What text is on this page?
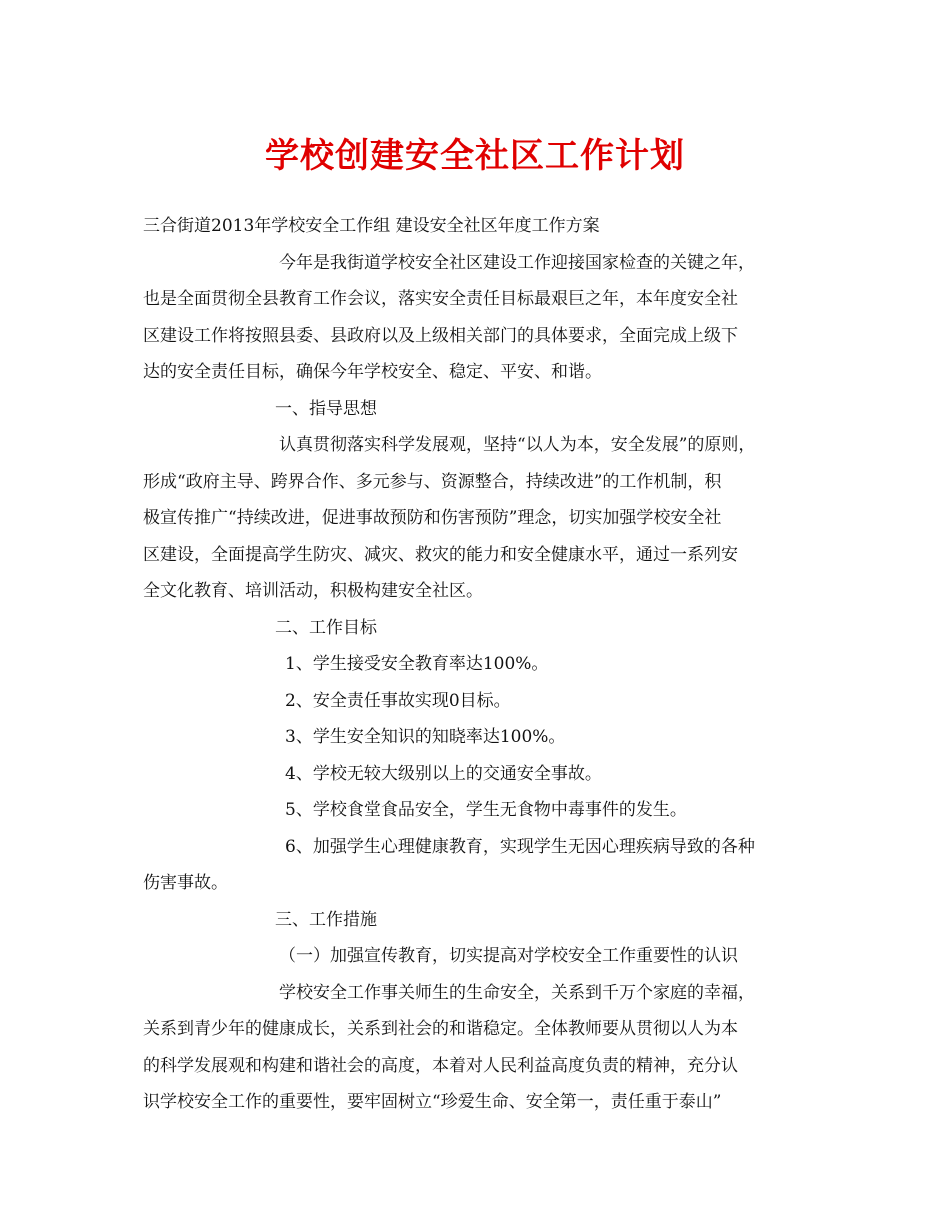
学校创建安全社区工作计划
三合街道2013年学校安全工作组 建设安全社区年度工作方案
今年是我街道学校安全社区建设工作迎接国家检查的关键之年，
也是全面贯彻全县教育工作会议，落实安全责任目标最艰巨之年，本年度安全社
区建设工作将按照县委、县政府以及上级相关部门的具体要求，全面完成上级下
达的安全责任目标，确保今年学校安全、稳定、平安、和谐。
一、指导思想
认真贯彻落实科学发展观，坚持“以人为本，安全发展”的原则，
形成“政府主导、跨界合作、多元参与、资源整合，持续改进”的工作机制，积
极宣传推广“持续改进，促进事故预防和伤害预防”理念，切实加强学校安全社
区建设，全面提高学生防灾、减灾、救灾的能力和安全健康水平，通过一系列安
全文化教育、培训活动，积极构建安全社区。
二、工作目标
1、学生接受安全教育率达100%。
2、安全责任事故实现0目标。
3、学生安全知识的知晓率达100%。
4、学校无较大级别以上的交通安全事故。
5、学校食堂食品安全，学生无食物中毒事件的发生。
6、加强学生心理健康教育，实现学生无因心理疾病导致的各种
伤害事故。
三、工作措施
（一）加强宣传教育，切实提高对学校安全工作重要性的认识
学校安全工作事关师生的生命安全，关系到千万个家庭的幸福，
关系到青少年的健康成长，关系到社会的和谐稳定。全体教师要从贯彻以人为本
的科学发展观和构建和谐社会的高度，本着对人民利益高度负责的精神，充分认
识学校安全工作的重要性，要牢固树立“珍爱生命、安全第一，责任重于泰山”
